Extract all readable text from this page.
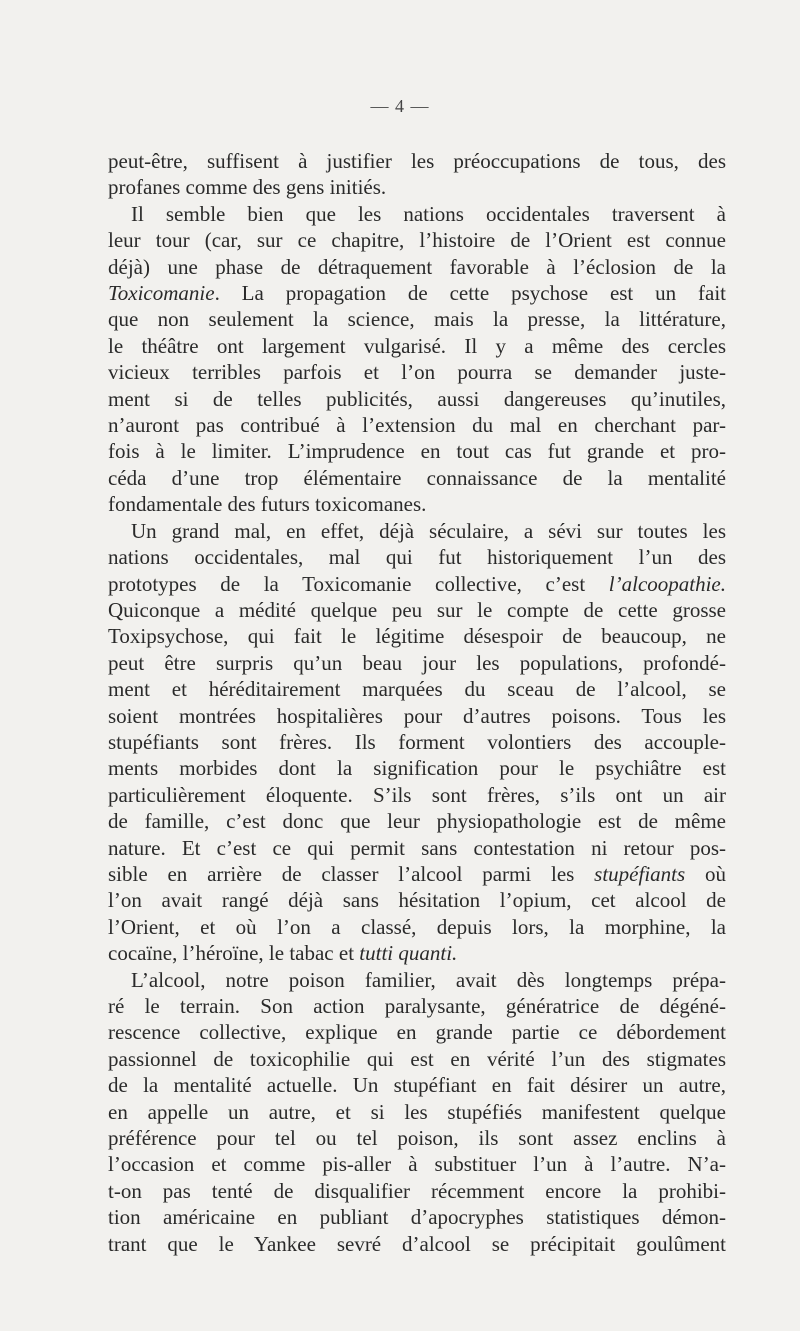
— 4 —
peut-être, suffisent à justifier les préoccupations de tous, des
profanes comme des gens initiés.
Il semble bien que les nations occidentales traversent à
leur tour (car, sur ce chapitre, l’histoire de l’Orient est connue
déjà) une phase de détraquement favorable à l’éclosion de la
Toxicomanie. La propagation de cette psychose est un fait
que non seulement la science, mais la presse, la littérature,
le théâtre ont largement vulgarisé. Il y a même des cercles
vicieux terribles parfois et l’on pourra se demander juste-
ment si de telles publicités, aussi dangereuses qu’inutiles,
n’auront pas contribué à l’extension du mal en cherchant par-
fois à le limiter. L’imprudence en tout cas fut grande et pro-
céda d’une trop élémentaire connaissance de la mentalité
fondamentale des futurs toxicomanes.
Un grand mal, en effet, déjà séculaire, a sévi sur toutes les
nations occidentales, mal qui fut historiquement l’un des
prototypes de la Toxicomanie collective, c’est l’alcoopathie.
Quiconque a médité quelque peu sur le compte de cette grosse
Toxipsychose, qui fait le légitime désespoir de beaucoup, ne
peut être surpris qu’un beau jour les populations, profondé-
ment et héréditairement marquées du sceau de l’alcool, se
soient montrées hospitalières pour d’autres poisons. Tous les
stupéfiants sont frères. Ils forment volontiers des accouple-
ments morbides dont la signification pour le psychiâtre est
particulièrement éloquente. S’ils sont frères, s’ils ont un air
de famille, c’est donc que leur physiopathologie est de même
nature. Et c’est ce qui permit sans contestation ni retour pos-
sible en arrière de classer l’alcool parmi les stupéfiants où
l’on avait rangé déjà sans hésitation l’opium, cet alcool de
l’Orient, et où l’on a classé, depuis lors, la morphine, la
cocaïne, l’héroïne, le tabac et tutti quanti.
L’alcool, notre poison familier, avait dès longtemps prépa-
ré le terrain. Son action paralysante, génératrice de dégéné-
rescence collective, explique en grande partie ce débordement
passionnel de toxicophilie qui est en vérité l’un des stigmates
de la mentalité actuelle. Un stupéfiant en fait désirer un autre,
en appelle un autre, et si les stupéfiés manifestent quelque
préférence pour tel ou tel poison, ils sont assez enclins à
l’occasion et comme pis-aller à substituer l’un à l’autre. N’a-
t-on pas tenté de disqualifier récemment encore la prohibi-
tion américaine en publiant d’apocryphes statistiques démon-
trant que le Yankee sevré d’alcool se précipitait goulûment
